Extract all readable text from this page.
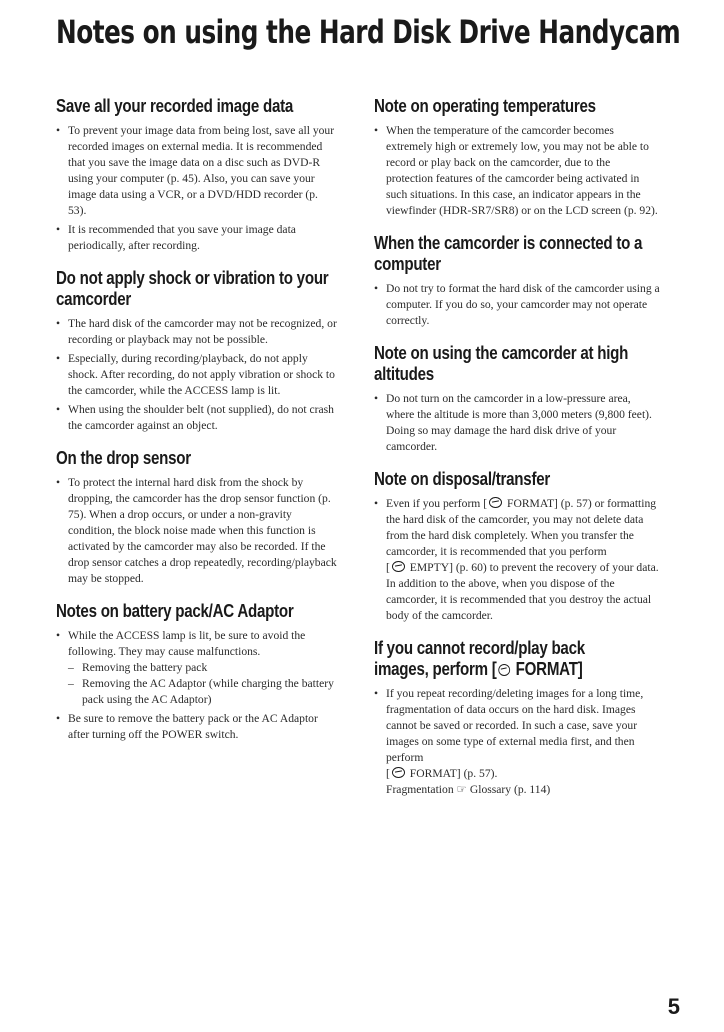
Notes on using the Hard Disk Drive Handycam
Save all your recorded image data
• To prevent your image data from being lost, save all your recorded images on external media. It is recommended that you save the image data on a disc such as DVD-R using your computer (p. 45). Also, you can save your image data using a VCR, or a DVD/HDD recorder (p. 53).
• It is recommended that you save your image data periodically, after recording.
Do not apply shock or vibration to your camcorder
• The hard disk of the camcorder may not be recognized, or recording or playback may not be possible.
• Especially, during recording/playback, do not apply shock. After recording, do not apply vibration or shock to the camcorder, while the ACCESS lamp is lit.
• When using the shoulder belt (not supplied), do not crash the camcorder against an object.
On the drop sensor
• To protect the internal hard disk from the shock by dropping, the camcorder has the drop sensor function (p. 75). When a drop occurs, or under a non-gravity condition, the block noise made when this function is activated by the camcorder may also be recorded. If the drop sensor catches a drop repeatedly, recording/playback may be stopped.
Notes on battery pack/AC Adaptor
• While the ACCESS lamp is lit, be sure to avoid the following. They may cause malfunctions.
– Removing the battery pack
– Removing the AC Adaptor (while charging the battery pack using the AC Adaptor)
• Be sure to remove the battery pack or the AC Adaptor after turning off the POWER switch.
Note on operating temperatures
• When the temperature of the camcorder becomes extremely high or extremely low, you may not be able to record or play back on the camcorder, due to the protection features of the camcorder being activated in such situations. In this case, an indicator appears in the viewfinder (HDR-SR7/SR8) or on the LCD screen (p. 92).
When the camcorder is connected to a computer
• Do not try to format the hard disk of the camcorder using a computer. If you do so, your camcorder may not operate correctly.
Note on using the camcorder at high altitudes
• Do not turn on the camcorder in a low-pressure area, where the altitude is more than 3,000 meters (9,800 feet). Doing so may damage the hard disk drive of your camcorder.
Note on disposal/transfer
• Even if you perform [ FORMAT] (p. 57) or formatting the hard disk of the camcorder, you may not delete data from the hard disk completely. When you transfer the camcorder, it is recommended that you perform
[ EMPTY] (p. 60) to prevent the recovery of your data.
In addition to the above, when you dispose of the camcorder, it is recommended that you destroy the actual body of the camcorder.
If you cannot record/play back
images, perform [ FORMAT]
• If you repeat recording/deleting images for a long time, fragmentation of data occurs on the hard disk. Images cannot be saved or recorded. In such a case, save your images on some type of external media first, and then perform
[ FORMAT] (p. 57).
Fragmentation ☞ Glossary (p. 114)
5
